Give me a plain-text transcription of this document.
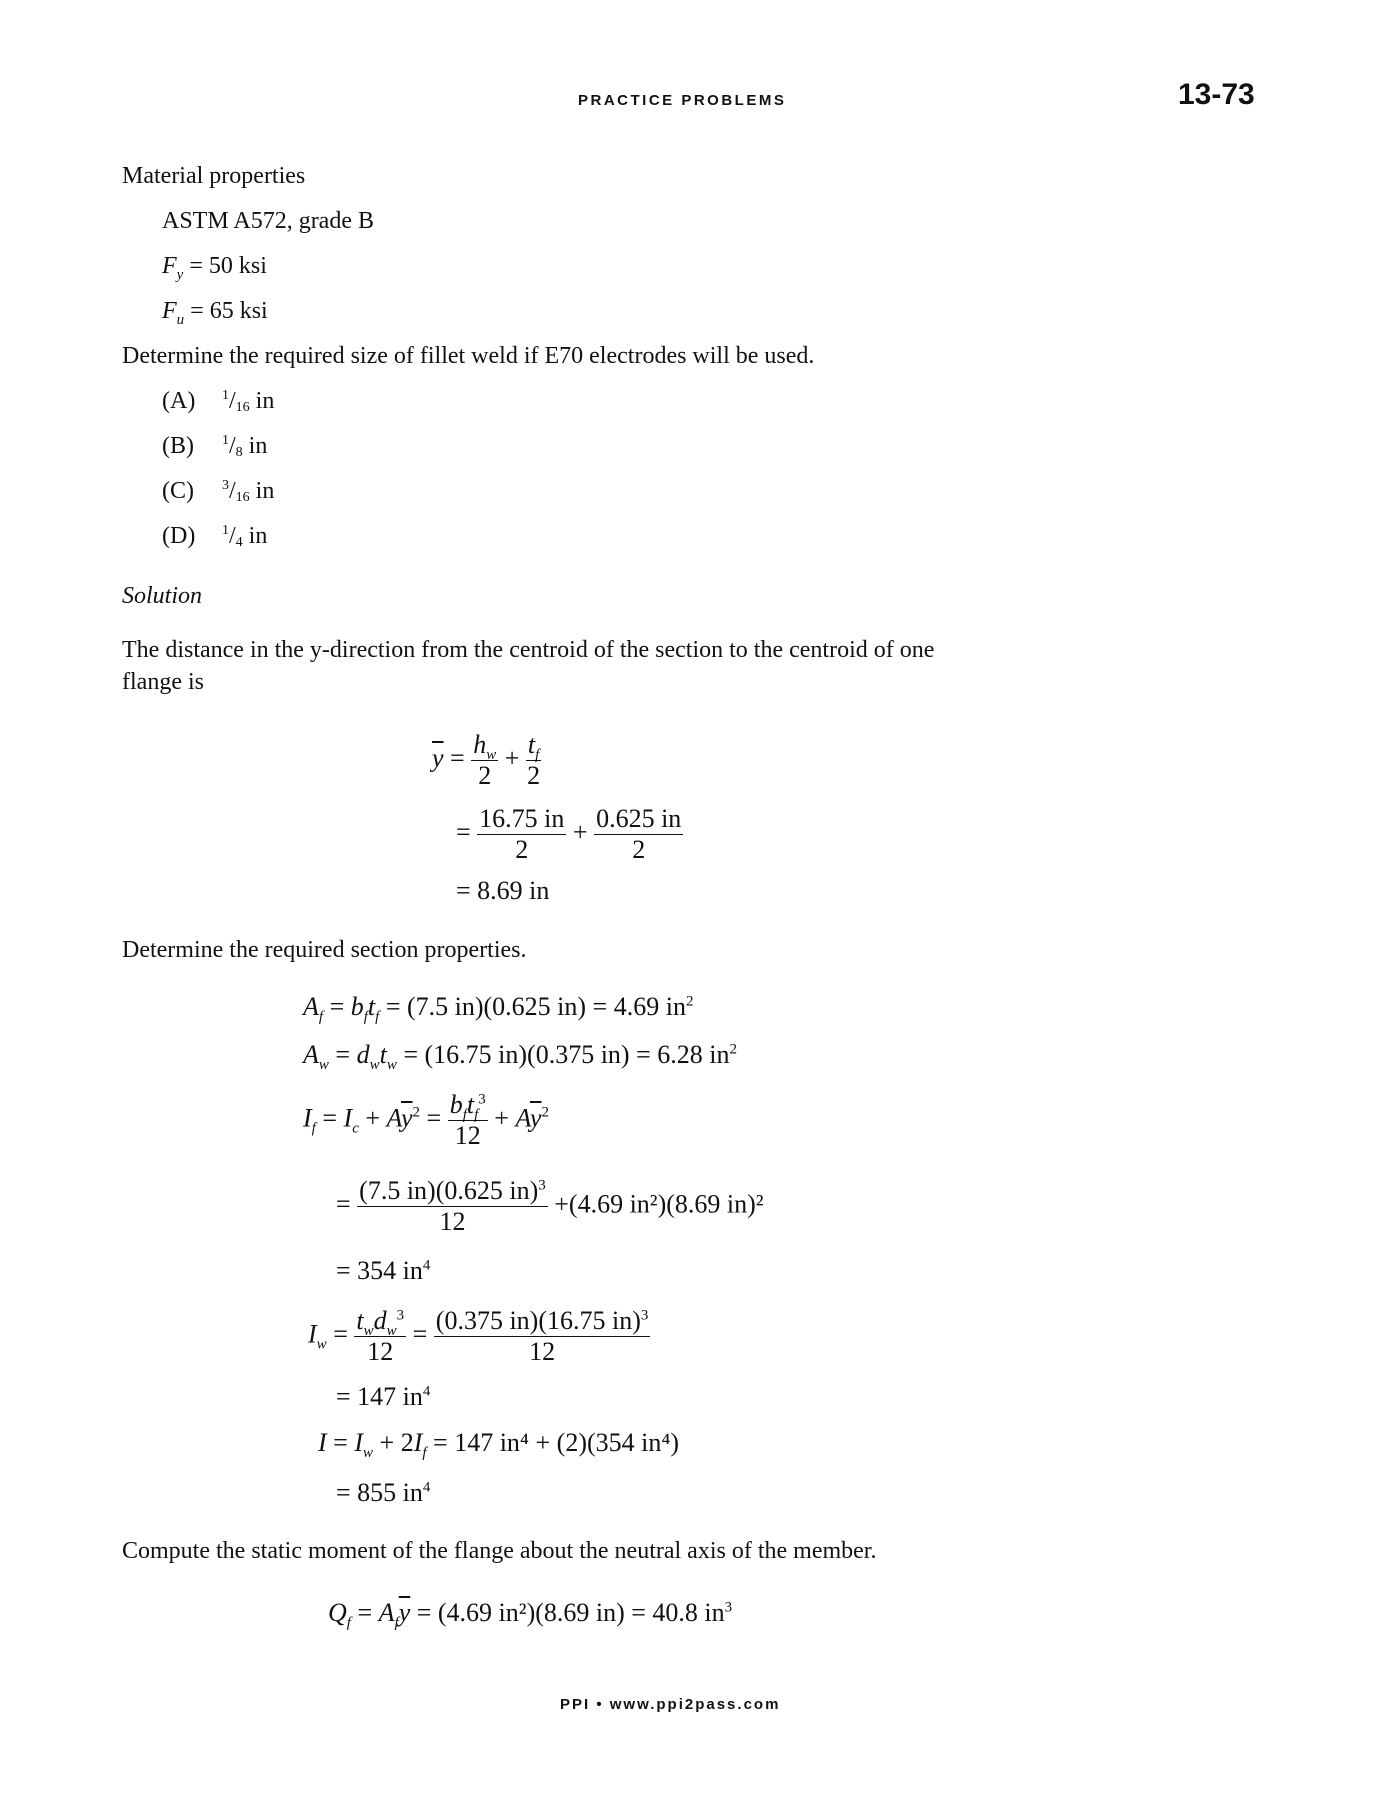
PRACTICE PROBLEMS	13-73
Material properties
ASTM A572, grade B
$F_y = 50$ ksi
$F_u = 65$ ksi
Determine the required size of fillet weld if E70 electrodes will be used.
(A) $^1$/16 in
(B) $^1$/8 in
(C) $^3$/16 in
(D) $^1$/4 in
Solution
The distance in the y-direction from the centroid of the section to the centroid of one
flange is
$\overline{y} = \frac{h_w}{2} + \frac{t_f}{2}$
= $\frac{16.75 in}{2} + \frac{0.625 in}{2}$
= 8.69 in
Determine the required section properties.
$A_f = b_ft_f = (7.5$ in)(0.625 in) = 4.69 $in^2$
$A_w = d_wt_w = (16.75$ in)(0.375 in) = 6.28 $in^2$
$I_f = I_c + A\overline{y}^2 = b_ft_f^3$
12
+ $A\overline{y}^2$
= $\frac{(7.5 in)(0.625 in)^3}{12} +(4.69$ in²)(8.69 in)²
= 354 $in^4$
$I_w = t_wd_w^3$
12
= $\frac{(0.375 in)(16.75 in)^3}{12}$
= 147 $in^4$
$I = I_w + 2I_f = 147$ in⁴ + (2)(354 in⁴)
= 855 $in^4$
Compute the static moment of the flange about the neutral axis of the member.
$Q_f = A_f\overline{y} = (4.69$ in²)(8.69 in) = 40.8 $in^3$
PPI • www.ppi2pass.com
